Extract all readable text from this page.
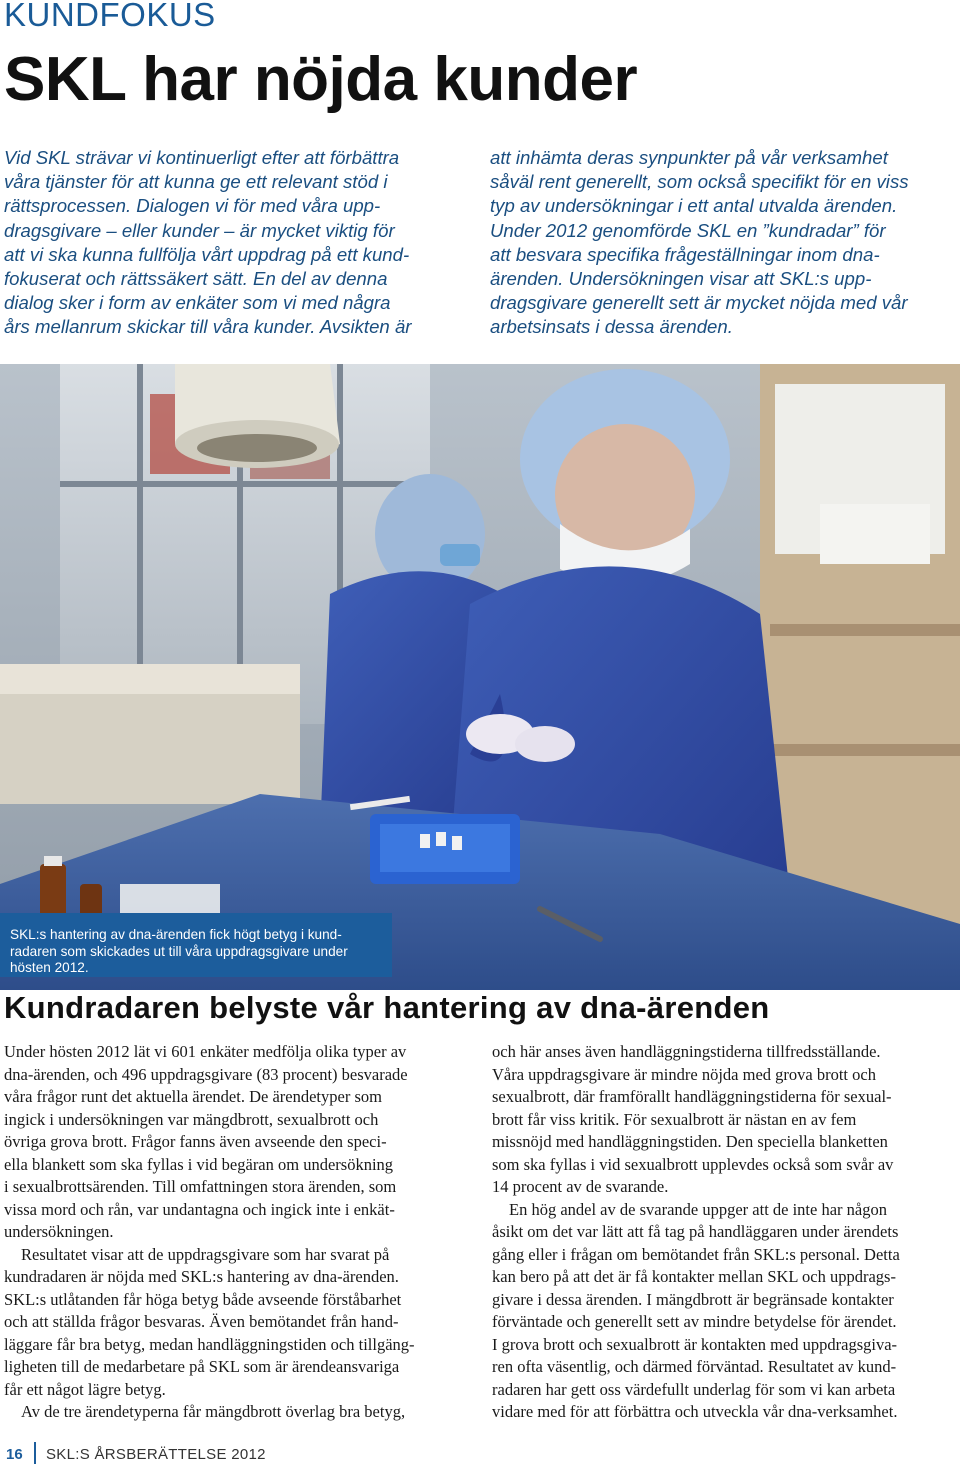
KUNDFOKUS
SKL har nöjda kunder
Vid SKL strävar vi kontinuerligt efter att förbättra
våra tjänster för att kunna ge ett relevant stöd i
rättsprocessen. Dialogen vi för med våra upp-
dragsgivare – eller kunder – är mycket viktig för
att vi ska kunna fullfölja vårt uppdrag på ett kund-
fokuserat och rättssäkert sätt. En del av denna
dialog sker i form av enkäter som vi med några
års mellanrum skickar till våra kunder. Avsikten är
att inhämta deras synpunkter på vår verksamhet
såväl rent generellt, som också specifikt för en viss
typ av undersökningar i ett antal utvalda ärenden.
Under 2012 genomförde SKL en ”kundradar” för
att besvara specifika frågeställningar inom dna-
ärenden. Undersökningen visar att SKL:s upp-
dragsgivare generellt sett är mycket nöjda med vår
arbetsinsats i dessa ärenden.
SKL:s hantering av dna-ärenden fick högt betyg i kund-
radaren som skickades ut till våra uppdragsgivare under
hösten 2012.
Kundradaren belyste vår hantering av dna-ärenden
Under hösten 2012 lät vi 601 enkäter medfölja olika typer av
dna-ärenden, och 496 uppdragsgivare (83 procent) besvarade
våra frågor runt det aktuella ärendet. De ärendetyper som
ingick i undersökningen var mängdbrott, sexualbrott och
övriga grova brott. Frågor fanns även avseende den speci-
ella blankett som ska fyllas i vid begäran om undersökning
i sexualbrottsärenden. Till omfattningen stora ärenden, som
vissa mord och rån, var undantagna och ingick inte i enkät-
undersökningen.
Resultatet visar att de uppdragsgivare som har svarat på
kundradaren är nöjda med SKL:s hantering av dna-ärenden.
SKL:s utlåtanden får höga betyg både avseende förståbarhet
och att ställda frågor besvaras. Även bemötandet från hand-
läggare får bra betyg, medan handläggningstiden och tillgäng-
ligheten till de medarbetare på SKL som är ärendeansvariga
får ett något lägre betyg.
Av de tre ärendetyperna får mängdbrott överlag bra betyg,
och här anses även handläggningstiderna tillfredsställande.
Våra uppdragsgivare är mindre nöjda med grova brott och
sexualbrott, där framförallt handläggningstiderna för sexual-
brott får viss kritik. För sexualbrott är nästan en av fem
missnöjd med handläggningstiden. Den speciella blanketten
som ska fyllas i vid sexualbrott upplevdes också som svår av
14 procent av de svarande.
En hög andel av de svarande uppger att de inte har någon
åsikt om det var lätt att få tag på handläggaren under ärendets
gång eller i frågan om bemötandet från SKL:s personal. Detta
kan bero på att det är få kontakter mellan SKL och uppdrags-
givare i dessa ärenden. I mängdbrott är begränsade kontakter
förväntade och generellt sett av mindre betydelse för ärendet.
I grova brott och sexualbrott är kontakten med uppdragsgiva-
ren ofta väsentlig, och därmed förväntad. Resultatet av kund-
radaren har gett oss värdefullt underlag för som vi kan arbeta
vidare med för att förbättra och utveckla vår dna-verksamhet.
16 SKL:S ÅRSBERÄTTELSE 2012
